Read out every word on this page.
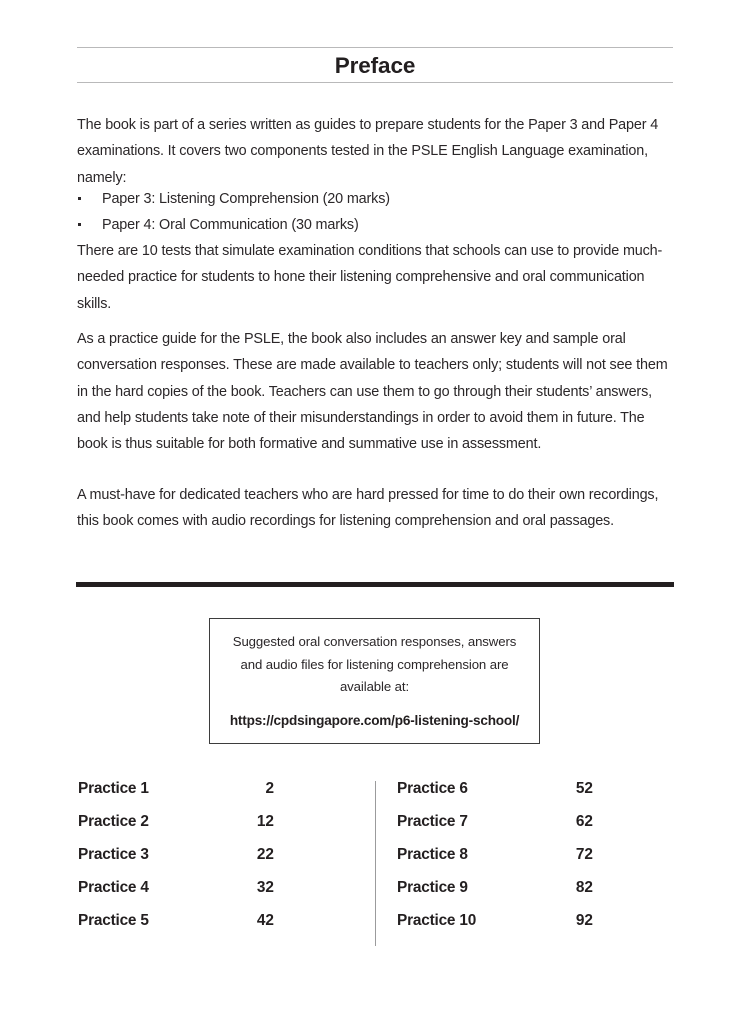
Preface
The book is part of a series written as guides to prepare students for the Paper 3 and Paper 4 examinations. It covers two components tested in the PSLE English Language examination, namely:
Paper 3: Listening Comprehension (20 marks)
Paper 4: Oral Communication (30 marks)
There are 10 tests that simulate examination conditions that schools can use to provide much-needed practice for students to hone their listening comprehensive and oral communication skills.
As a practice guide for the PSLE, the book also includes an answer key and sample oral conversation responses. These are made available to teachers only; students will not see them in the hard copies of the book. Teachers can use them to go through their students’ answers, and help students take note of their misunderstandings in order to avoid them in future. The book is thus suitable for both formative and summative use in assessment.
A must-have for dedicated teachers who are hard pressed for time to do their own recordings, this book comes with audio recordings for listening comprehension and oral passages.
Suggested oral conversation responses, answers and audio files for listening comprehension are available at:
https://cpdsingapore.com/p6-listening-school/
Practice 1	2
Practice 2	12
Practice 3	22
Practice 4	32
Practice 5	42
Practice 6	52
Practice 7	62
Practice 8	72
Practice 9	82
Practice 10	92
